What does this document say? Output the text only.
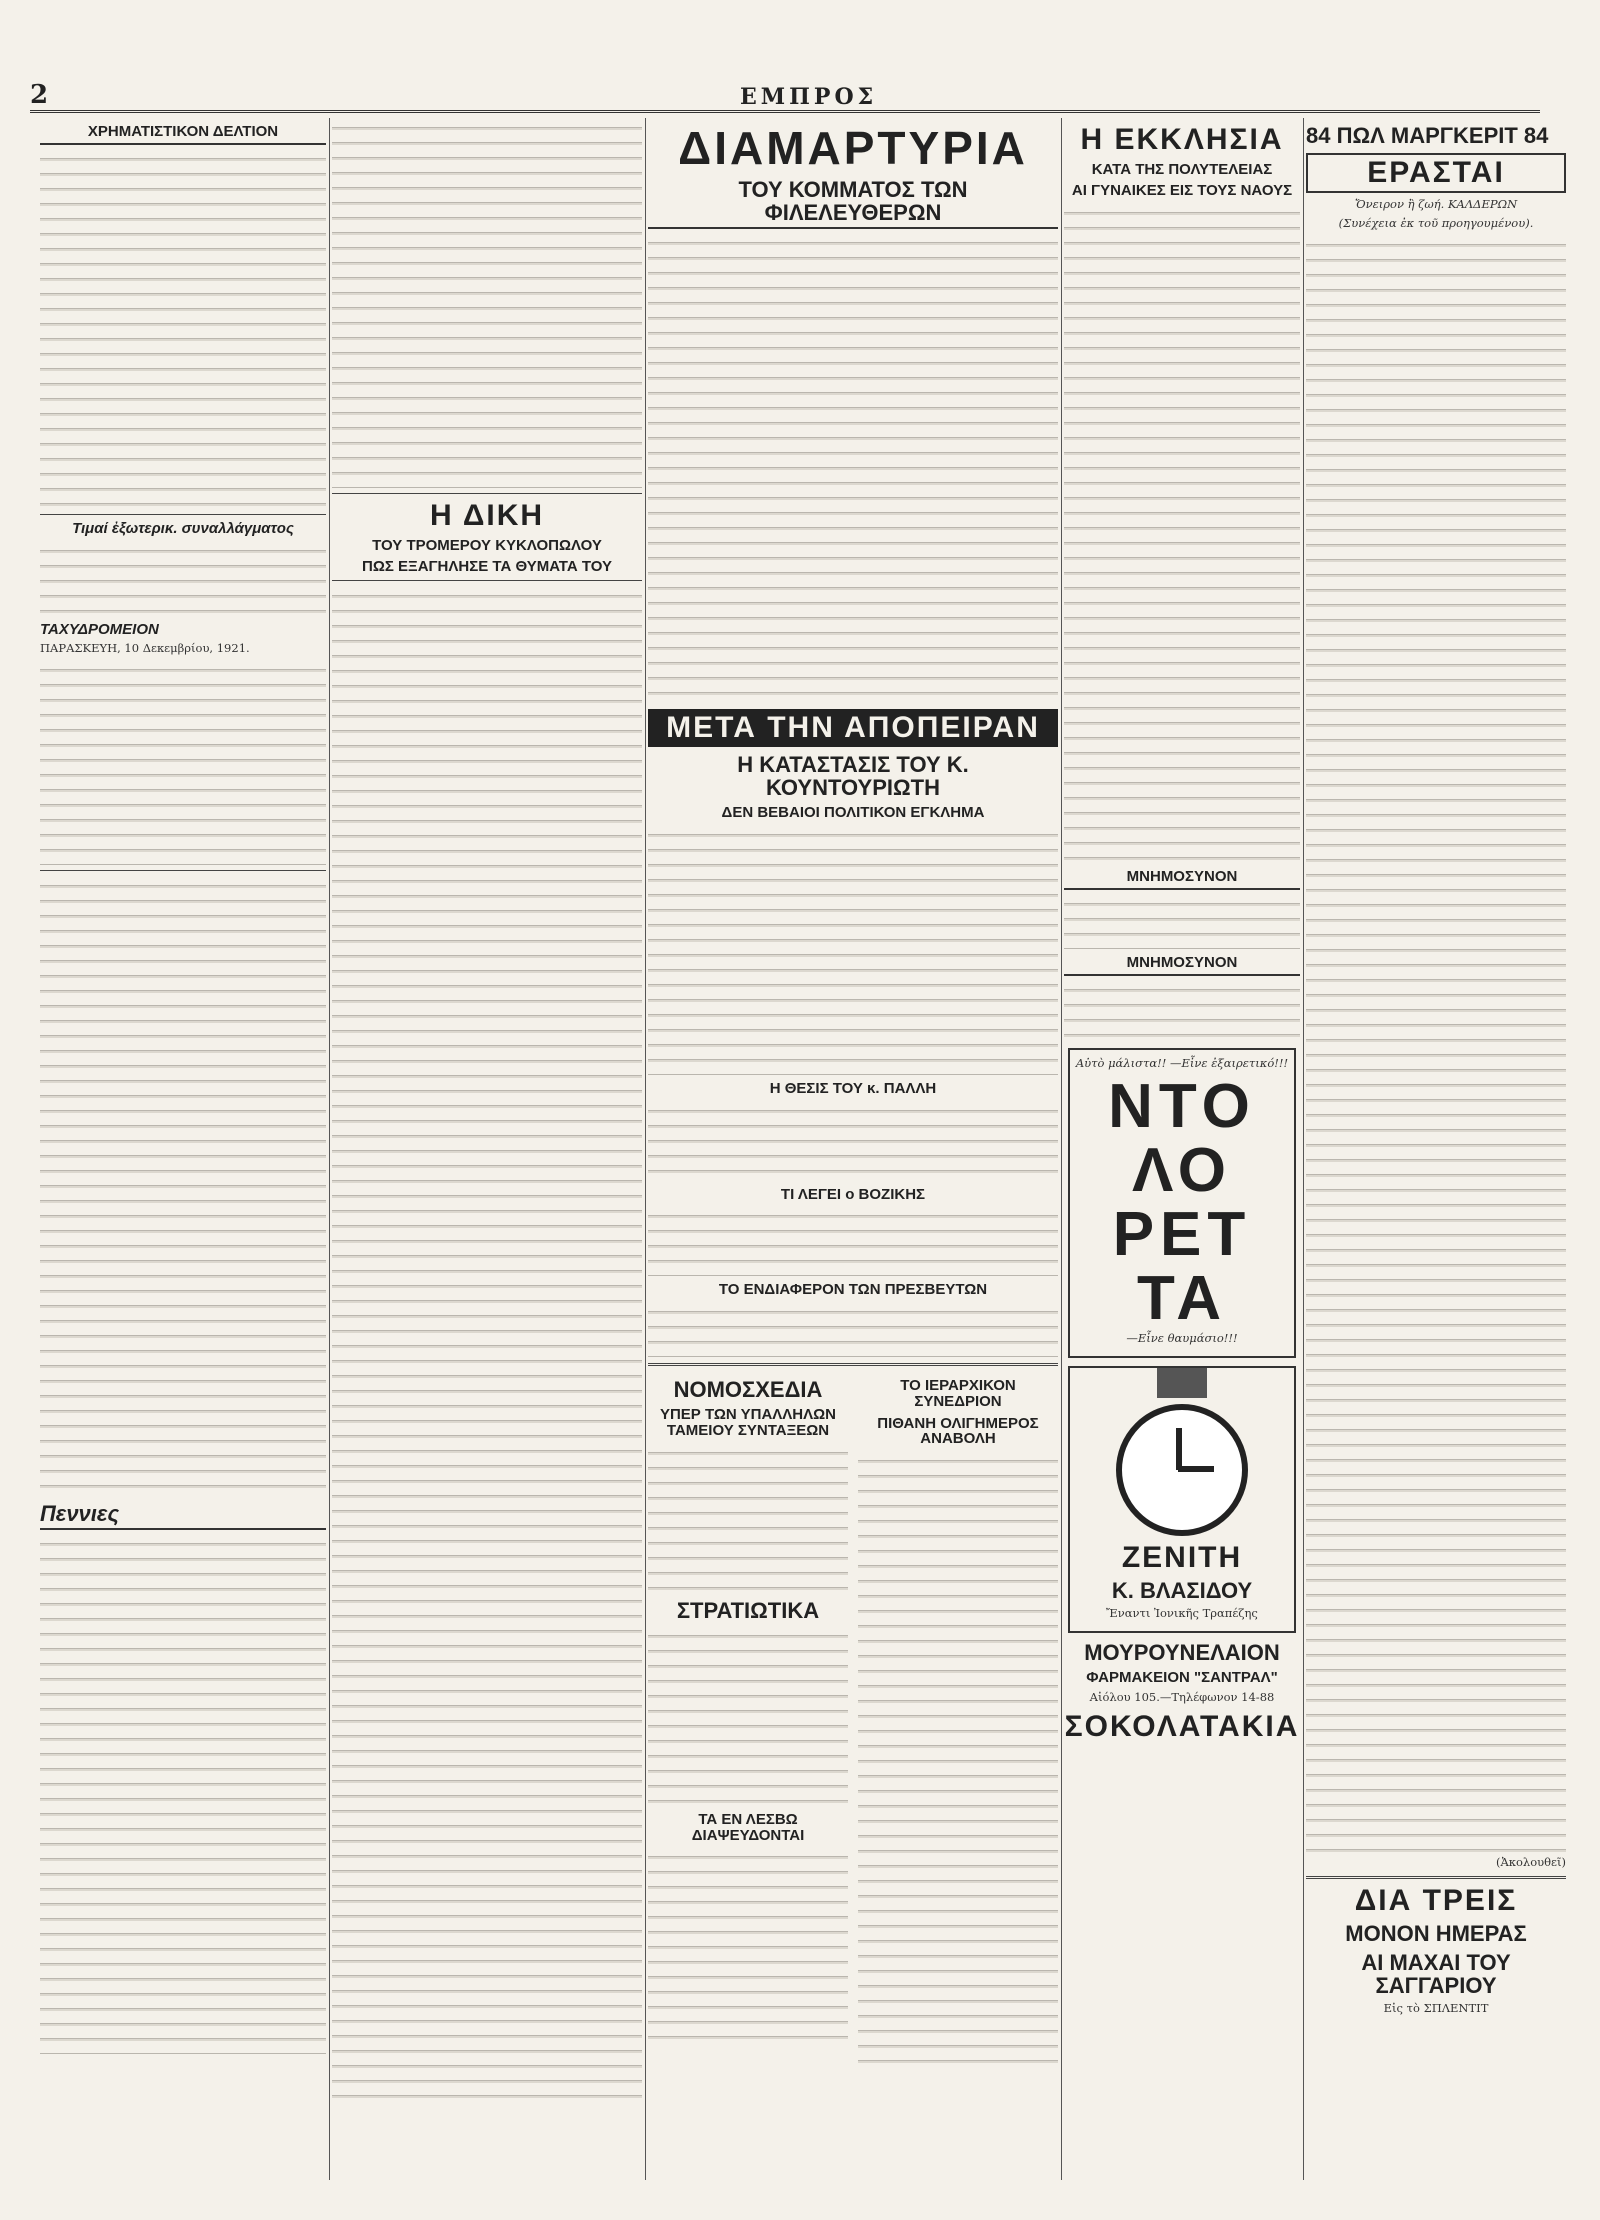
2	ΕΜΠΡΟΣ
ΧΡΗΜΑΤΙΣΤΙΚΟΝ ΔΕΛΤΙΟΝ
Τιμαί ἐξωτερικ. συναλλάγματος
ΤΑΧΥΔΡΟΜΕΙΟΝ
ΠΑΡΑΣΚΕΥΗ, 10 Δεκεμβρίου, 1921.
Πεννιες
Η ΔΙΚΗ
ΤΟΥ ΤΡΟΜΕΡΟΥ ΚΥΚΛΟΠΩΛΟΥ
ΠΩΣ ΕΞΑΓΗΛΗΣΕ ΤΑ ΘΥΜΑΤΑ ΤΟΥ
ΔΙΑΜΑΡΤΥΡΙΑ
ΤΟΥ ΚΟΜΜΑΤΟΣ ΤΩΝ ΦΙΛΕΛΕΥΘΕΡΩΝ
ΜΕΤΑ ΤΗΝ ΑΠΟΠΕΙΡΑΝ
Η ΚΑΤΑΣΤΑΣΙΣ ΤΟΥ Κ. ΚΟΥΝΤΟΥΡΙΩΤΗ
ΔΕΝ ΒΕΒΑΙΟΙ ΠΟΛΙΤΙΚΟΝ ΕΓΚΛΗΜΑ
Η ΘΕΣΙΣ ΤΟΥ κ. ΠΑΛΛΗ
ΤΙ ΛΕΓΕΙ ο ΒΟΖΙΚΗΣ
ΤΟ ΕΝΔΙΑΦΕΡΟΝ ΤΩΝ ΠΡΕΣΒΕΥΤΩΝ
ΝΟΜΟΣΧΕΔΙΑ
ΥΠΕΡ ΤΩΝ ΥΠΑΛΛΗΛΩΝ ΤΑΜΕΙΟΥ ΣΥΝΤΑΞΕΩΝ
ΣΤΡΑΤΙΩΤΙΚΑ
ΤΑ ΕΝ ΛΕΣΒΩ ΔΙΑΨΕΥΔΟΝΤΑΙ
ΤΟ ΙΕΡΑΡΧΙΚΟΝ ΣΥΝΕΔΡΙΟΝ
ΠΙΘΑΝΗ ΟΛΙΓΗΜΕΡΟΣ ΑΝΑΒΟΛΗ
Η ΕΚΚΛΗΣΙΑ
ΚΑΤΑ ΤΗΣ ΠΟΛΥΤΕΛΕΙΑΣ
ΑΙ ΓΥΝΑΙΚΕΣ ΕΙΣ ΤΟΥΣ ΝΑΟΥΣ
ΜΝΗΜΟΣΥΝΟΝ
ΜΝΗΜΟΣΥΝΟΝ
Αὐτὸ μάλιστα!! —Εἶνε ἐξαιρετικό!!!
ΝΤΟ ΛΟ ΡΕΤ ΤΑ
—Εἶνε θαυμάσιο!!!
ΖΕΝΙΤΗ
Κ. ΒΛΑΣΙΔΟΥ
Ἔναντι Ἰονικῆς Τραπέζης
ΜΟΥΡΟΥΝΕΛΑΙΟΝ
ΦΑΡΜΑΚΕΙΟΝ "ΣΑΝΤΡΑΛ"
Αἰόλου 105.—Τηλέφωνον 14-88
ΣΟΚΟΛΑΤΑΚΙΑ
84 ΠΩΛ ΜΑΡΓΚΕΡΙΤ 84
ΕΡΑΣΤΑΙ
Ὄνειρον ἢ ζωή. ΚΑΛΔΕΡΩΝ
(Συνέχεια ἐκ τοῦ προηγουμένου).
(Ἀκολουθεῖ)
ΔΙΑ ΤΡΕΙΣ
ΜΟΝΟΝ ΗΜΕΡΑΣ
ΑΙ ΜΑΧΑΙ ΤΟΥ ΣΑΓΓΑΡΙΟΥ
Εἰς τὸ ΣΠΛΕΝΤΙΤ
